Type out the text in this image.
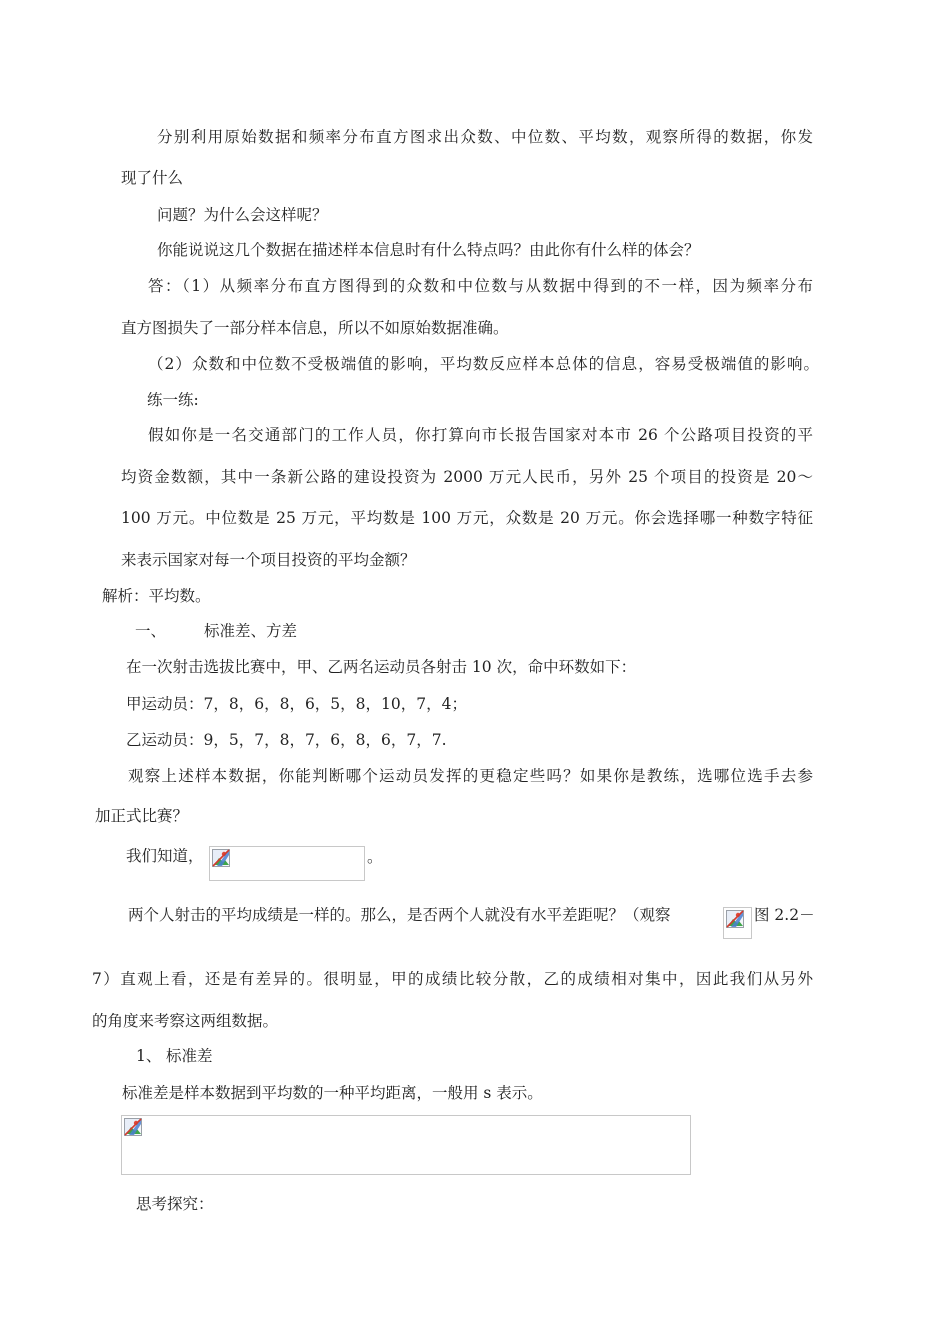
分别利用原始数据和频率分布直方图求出众数、中位数、平均数，观察所得的数据，你发
现了什么
问题？为什么会这样呢？
你能说说这几个数据在描述样本信息时有什么特点吗？由此你有什么样的体会？
答：（1）从频率分布直方图得到的众数和中位数与从数据中得到的不一样，因为频率分布
直方图损失了一部分样本信息，所以不如原始数据准确。
（2）众数和中位数不受极端值的影响，平均数反应样本总体的信息，容易受极端值的影响。
练一练:
假如你是一名交通部门的工作人员，你打算向市长报告国家对本市 26 个公路项目投资的平
均资金数额，其中一条新公路的建设投资为 2000 万元人民币，另外 25 个项目的投资是 20～
100 万元。中位数是 25 万元，平均数是 100 万元，众数是 20 万元。你会选择哪一种数字特征
来表示国家对每一个项目投资的平均金额？
解析：平均数。
一、 标准差、方差
在一次射击选拔比赛中，甲、乙两名运动员各射击 10 次，命中环数如下：
甲运动员：7，8，6，8，6，5，8，10，7，4；
乙运动员：9，5，7，8，7，6，8，6，7，7.
观察上述样本数据，你能判断哪个运动员发挥的更稳定些吗？如果你是教练，选哪位选手去参
加正式比赛？
我们知道，	。
两个人射击的平均成绩是一样的。那么，是否两个人就没有水平差距呢？（观察	图 2.2－
7）直观上看，还是有差异的。很明显，甲的成绩比较分散，乙的成绩相对集中，因此我们从另外
的角度来考察这两组数据。
1、 标准差
标准差是样本数据到平均数的一种平均距离，一般用 s 表示。
思考探究：
